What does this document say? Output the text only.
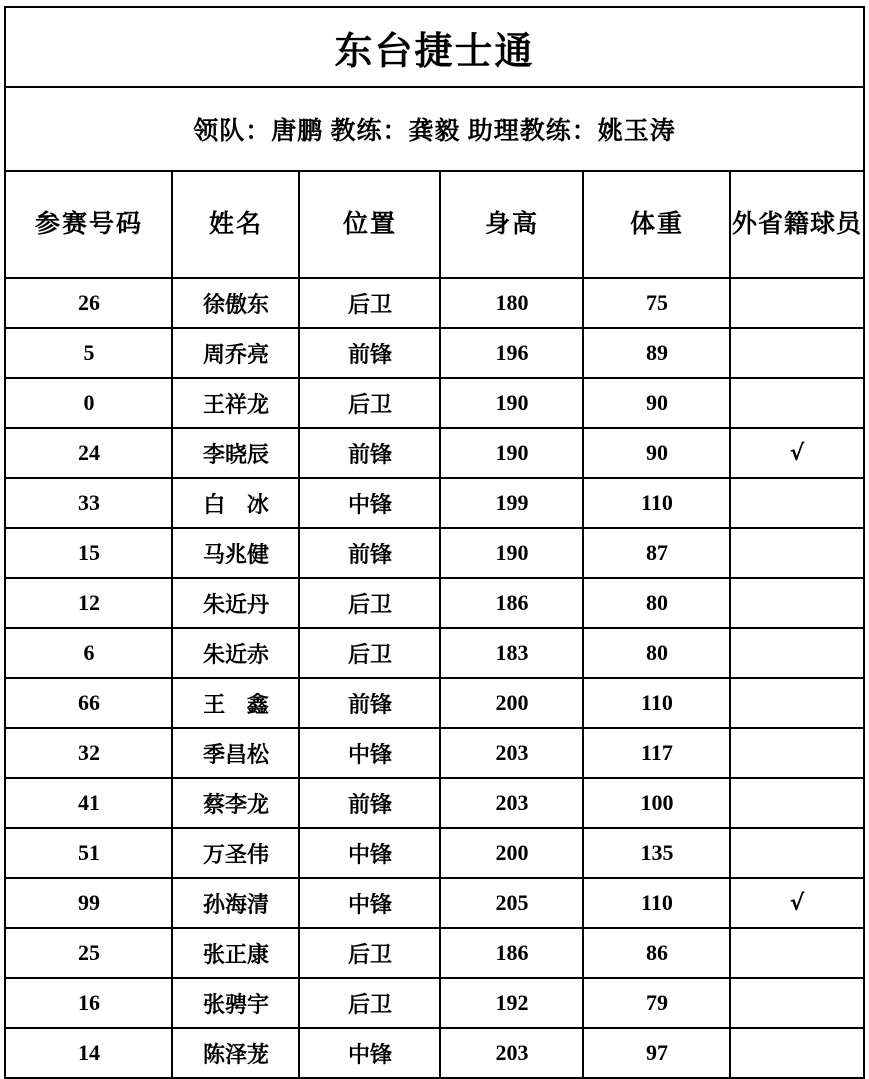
东台捷士通					
领队：唐鹏 教练：龚毅 助理教练：姚玉涛					
参赛号码	姓名	位置	身高	体重	外省籍球员
26	徐傲东	后卫	180	75	
5	周乔亮	前锋	196	89	
0	王祥龙	后卫	190	90	
24	李晓辰	前锋	190	90	√
33	白 冰	中锋	199	110	
15	马兆健	前锋	190	87	
12	朱近丹	后卫	186	80	
6	朱近赤	后卫	183	80	
66	王 鑫	前锋	200	110	
32	季昌松	中锋	203	117	
41	蔡李龙	前锋	203	100	
51	万圣伟	中锋	200	135	
99	孙海清	中锋	205	110	√
25	张正康	后卫	186	86	
16	张骋宇	后卫	192	79	
14	陈泽茏	中锋	203	97	
